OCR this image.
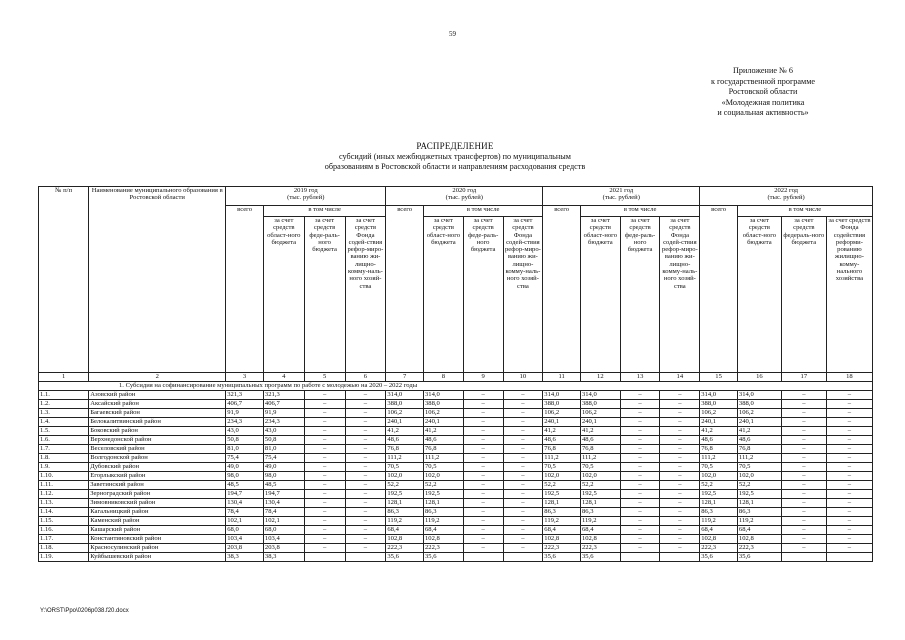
59
Приложение № 6
к государственной программе
Ростовской области
«Молодежная политика
и социальная активность»
РАСПРЕДЕЛЕНИЕ
субсидий (иных межбюджетных трансфертов) по муниципальным
образованиям в Ростовской области и направлениям расходования средств
№ п/п	Наименование муниципального образования в Ростовской области	2019 год
(тыс. рублей)				2020 год
(тыс. рублей)				2021 год
(тыс. рублей)				2022 год
(тыс. рублей)			
		всего	в том числе			всего	в том числе			всего	в том числе			всего	в том числе		
			за счет средств област-ного бюджета	за счет средств феде-раль-ного бюджета	за счет средств Фонда содей-ствия рефор-миро-ванию жи-лищно-комму-наль-ного хозяй-ства		за счет средств област-ного бюджета	за счет средств феде-раль-ного бюджета	за счет средств Фонда содей-ствия рефор-миро-ванию жи-лищно-комму-наль-ного хозяй-ства		за счет средств област-ного бюджета	за счет средств феде-раль-ного бюджета	за счет средств Фонда содей-ствия рефор-миро-ванию жи-лищно-комму-наль-ного хозяй-ства		за счет средств област-ного бюджета	за счет средств федераль-ного бюджета	за счет средств Фонда содействия реформи-рованию жилищно-комму-нального хозяйства
1	2	3	4	5	6	7	8	9	10	11	12	13	14	15	16	17	18
1. Субсидия на софинансирование муниципальных программ по работе с молодежью на 2020 – 2022 годы																	
1.1.	Азовский район	321,3	321,3	–	–	314,0	314,0	–	–	314,0	314,0	–	–	314,0	314,0	–	–
1.2.	Аксайский район	406,7	406,7	–	–	388,0	388,0	–	–	388,0	388,0	–	–	388,0	388,0	–	–
1.3.	Багаевский район	91,9	91,9	–	–	106,2	106,2	–	–	106,2	106,2	–	–	106,2	106,2	–	–
1.4.	Белокалитвинский район	234,3	234,3	–	–	240,1	240,1	–	–	240,1	240,1	–	–	240,1	240,1	–	–
1.5.	Боковский район	43,0	43,0	–	–	41,2	41,2	–	–	41,2	41,2	–	–	41,2	41,2	–	–
1.6.	Верхнедонской район	50,8	50,8	–	–	48,6	48,6	–	–	48,6	48,6	–	–	48,6	48,6	–	–
1.7.	Веселовский район	81,0	81,0	–	–	76,8	76,8	–	–	76,8	76,8	–	–	76,8	76,8	–	–
1.8.	Волгодонской район	75,4	75,4	–	–	111,2	111,2	–	–	111,2	111,2	–	–	111,2	111,2	–	–
1.9.	Дубовский район	49,0	49,0	–	–	70,5	70,5	–	–	70,5	70,5	–	–	70,5	70,5	–	–
1.10.	Егорлыкский район	98,0	98,0	–	–	102,0	102,0	–	–	102,0	102,0	–	–	102,0	102,0	–	–
1.11.	Заветинский район	48,5	48,5	–	–	52,2	52,2	–	–	52,2	52,2	–	–	52,2	52,2	–	–
1.12.	Зерноградский район	194,7	194,7	–	–	192,5	192,5	–	–	192,5	192,5	–	–	192,5	192,5	–	–
1.13.	Зимовниковский район	130,4	130,4	–	–	128,1	128,1	–	–	128,1	128,1	–	–	128,1	128,1	–	–
1.14.	Кагальницкий район	78,4	78,4	–	–	86,3	86,3	–	–	86,3	86,3	–	–	86,3	86,3	–	–
1.15.	Каменский район	102,1	102,1	–	–	119,2	119,2	–	–	119,2	119,2	–	–	119,2	119,2	–	–
1.16.	Кашарский район	68,0	68,0	–	–	68,4	68,4	–	–	68,4	68,4	–	–	68,4	68,4	–	–
1.17.	Константиновский район	103,4	103,4	–	–	102,8	102,8	–	–	102,8	102,8	–	–	102,8	102,8	–	–
1.18.	Красносулинский район	203,8	203,8	–	–	222,3	222,3	–	–	222,3	222,3	–	–	222,3	222,3	–	–
1.19.	Куйбышевский район	38,3	38,3			35,6	35,6			35,6	35,6			35,6	35,6		
Y:\ORST\Ppo\0206p038.f20.docx
